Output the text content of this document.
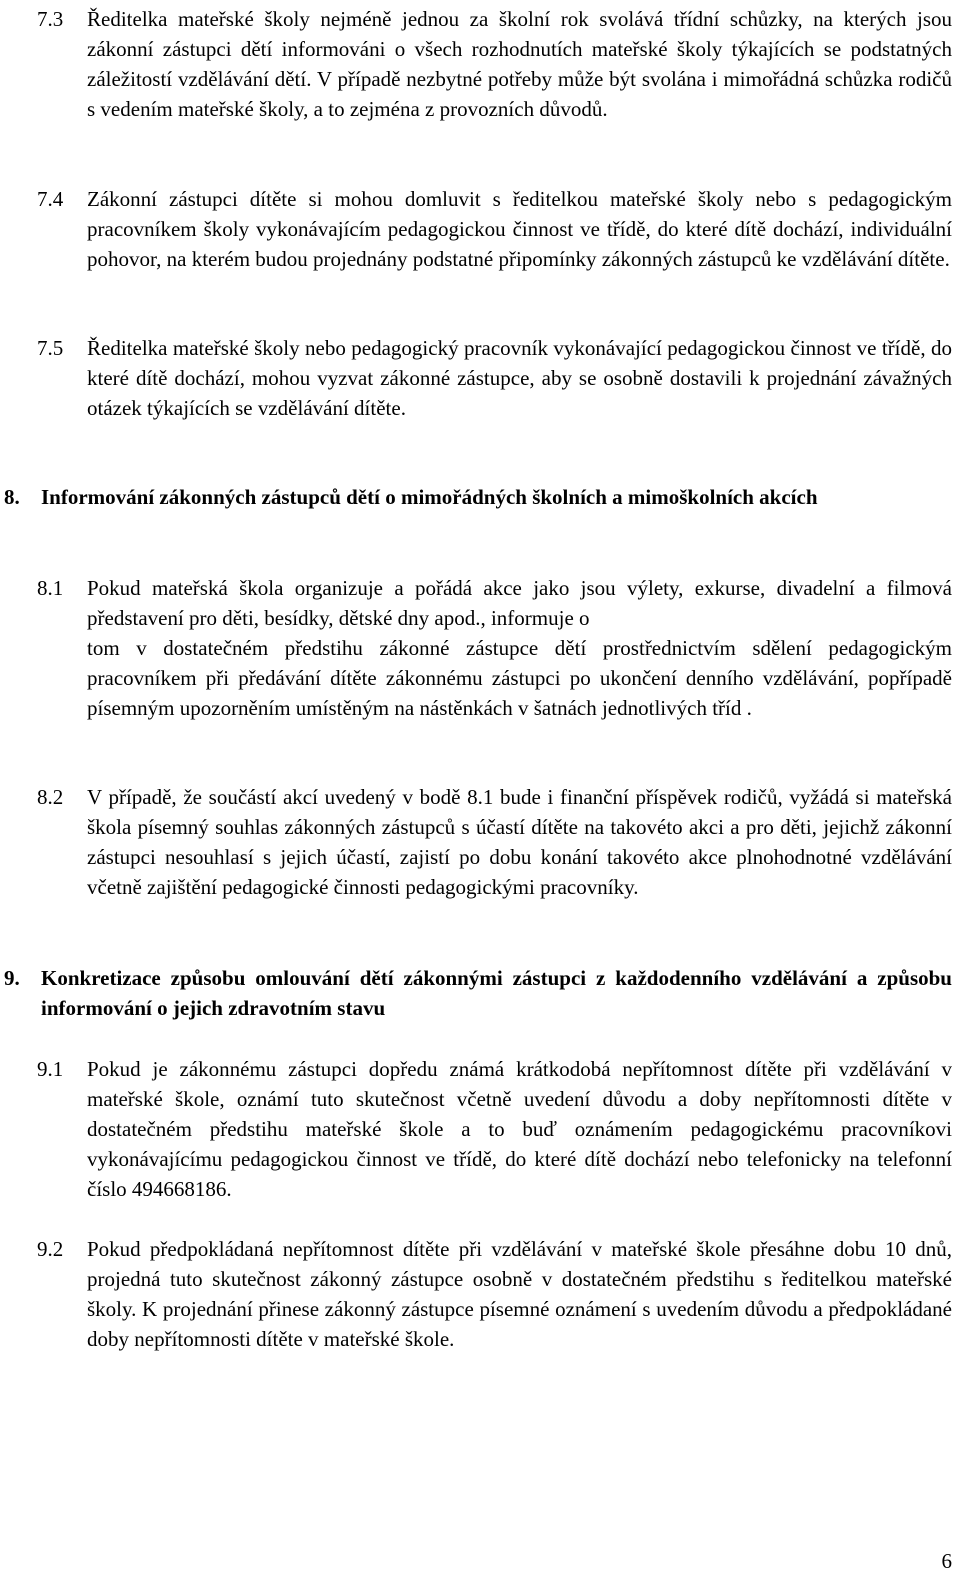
7.3 Ředitelka mateřské školy nejméně jednou za školní rok svolává třídní schůzky, na kterých jsou zákonní zástupci dětí informováni o všech rozhodnutích mateřské školy týkajících se podstatných záležitostí vzdělávání dětí. V případě nezbytné potřeby může být svolána i mimořádná schůzka rodičů s vedením mateřské školy, a to zejména z provozních důvodů.
7.4 Zákonní zástupci dítěte si mohou domluvit s ředitelkou mateřské školy nebo s pedagogickým pracovníkem školy vykonávajícím pedagogickou činnost ve třídě, do které dítě dochází, individuální pohovor, na kterém budou projednány podstatné připomínky zákonných zástupců ke vzdělávání dítěte.
7.5 Ředitelka mateřské školy nebo pedagogický pracovník vykonávající pedagogickou činnost ve třídě, do které dítě dochází, mohou vyzvat zákonné zástupce, aby se osobně dostavili k projednání závažných otázek týkajících se vzdělávání dítěte.
8. Informování zákonných zástupců dětí o mimořádných školních a mimoškolních akcích
8.1 Pokud mateřská škola organizuje a pořádá akce jako jsou výlety, exkurse, divadelní a filmová představení pro děti, besídky, dětské dny apod., informuje o
tom v dostatečném předstihu zákonné zástupce dětí prostřednictvím sdělení pedagogickým pracovníkem při předávání dítěte zákonnému zástupci po ukončení denního vzdělávání, popřípadě písemným upozorněním umístěným na nástěnkách v šatnách jednotlivých tříd .
8.2 V případě, že součástí akcí uvedený v bodě 8.1 bude i finanční příspěvek rodičů, vyžádá si mateřská škola písemný souhlas zákonných zástupců s účastí dítěte na takovéto akci a pro děti, jejichž zákonní zástupci nesouhlasí s jejich účastí, zajistí po dobu konání takovéto akce plnohodnotné vzdělávání včetně zajištění pedagogické činnosti pedagogickými pracovníky.
9. Konkretizace způsobu omlouvání dětí zákonnými zástupci z každodenního vzdělávání a způsobu informování o jejich zdravotním stavu
9.1 Pokud je zákonnému zástupci dopředu známá krátkodobá nepřítomnost dítěte při vzdělávání v mateřské škole, oznámí tuto skutečnost včetně uvedení důvodu a doby nepřítomnosti dítěte v dostatečném předstihu mateřské škole a to buď oznámením pedagogickému pracovníkovi vykonávajícímu pedagogickou činnost ve třídě, do které dítě dochází nebo telefonicky na telefonní číslo 494668186.
9.2 Pokud předpokládaná nepřítomnost dítěte při vzdělávání v mateřské škole přesáhne dobu 10 dnů, projedná tuto skutečnost zákonný zástupce osobně v dostatečném předstihu s ředitelkou mateřské školy. K projednání přinese zákonný zástupce písemné oznámení s uvedením důvodu a předpokládané doby nepřítomnosti dítěte v mateřské škole.
6
